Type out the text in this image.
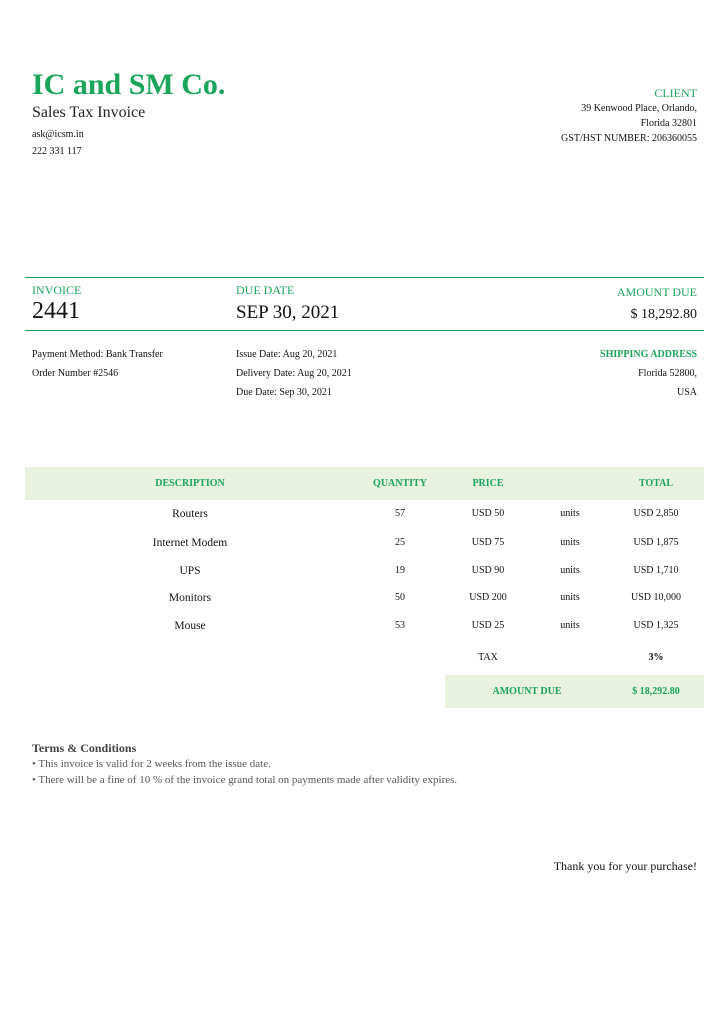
IC and SM Co.
Sales Tax Invoice
ask@icsm.in
222 331 117
CLIENT
39 Kenwood Place, Orlando,
Florida 32801
GST/HST NUMBER: 206360055
INVOICE
2441
DUE DATE
SEP 30, 2021
AMOUNT DUE
$ 18,292.80
Payment Method: Bank Transfer
Order Number #2546
Issue Date: Aug 20, 2021
Delivery Date: Aug 20, 2021
Due Date: Sep 30, 2021
SHIPPING ADDRESS
Florida 52800,
USA
DESCRIPTION	QUANTITY	PRICE	TOTAL
Routers	57	USD 50	units	USD 2,850
Internet Modem	25	USD 75	units	USD 1,875
UPS	19	USD 90	units	USD 1,710
Monitors	50	USD 200	units	USD 10,000
Mouse	53	USD 25	units	USD 1,325
TAX	3%
AMOUNT DUE	$ 18,292.80
Terms & Conditions
• This invoice is valid for 2 weeks from the issue date.
• There will be a fine of 10 % of the invoice grand total on payments made after validity expires.
Thank you for your purchase!
